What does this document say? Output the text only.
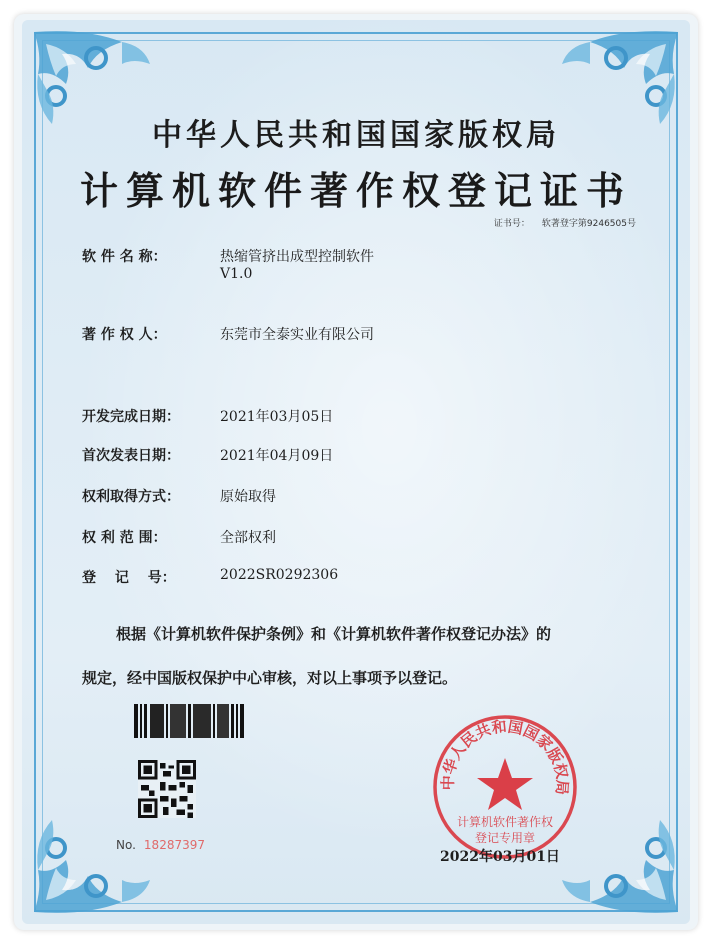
中华人民共和国国家版权局
计算机软件著作权登记证书
证书号： 软著登字第9246505号
软 件 名 称：	热缩管挤出成型控制软件
V1.0
著 作 权 人：	东莞市全泰实业有限公司
开发完成日期：	2021年03月05日
首次发表日期：	2021年04月09日
权利取得方式：	原始取得
权 利 范 围：	全部权利
登　 记　 号：	2022SR0292306
根据《计算机软件保护条例》和《计算机软件著作权登记办法》的
规定，经中国版权保护中心审核，对以上事项予以登记。
No. 18287397
中华人民共和国国家版权局
计算机软件著作权
登记专用章
2022年03月01日
